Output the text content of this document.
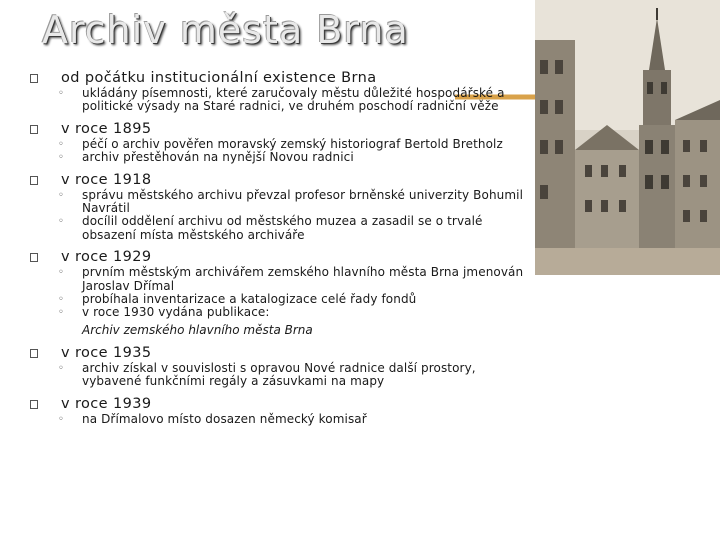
Archiv města Brna
od počátku institucionální existence Brna
◦ ukládány písemnosti, které zaručovaly městu důležité hospodářské a politické výsady na Staré radnici, ve druhém poschodí radniční věže
v roce 1895
◦ péčí o archiv pověřen moravský zemský historiograf Bertold Bretholz
◦ archiv přestěhován na nynější Novou radnici
v roce 1918
◦ správu městského archivu převzal profesor brněnské univerzity Bohumil Navrátil
◦ docílil oddělení archivu od městského muzea a zasadil se o trvalé obsazení místa městského archiváře
v roce 1929
◦ prvním městským archivářem zemského hlavního města Brna jmenován Jaroslav Dřímal
◦ probíhala inventarizace a katalogizace celé řady fondů
◦ v roce 1930 vydána publikace:
Archiv zemského hlavního města Brna
v roce 1935
◦ archiv získal v souvislosti s opravou Nové radnice další prostory, vybavené funkčními regály a zásuvkami na mapy
v roce 1939
◦ na Dřímalovo místo dosazen německý komisař
